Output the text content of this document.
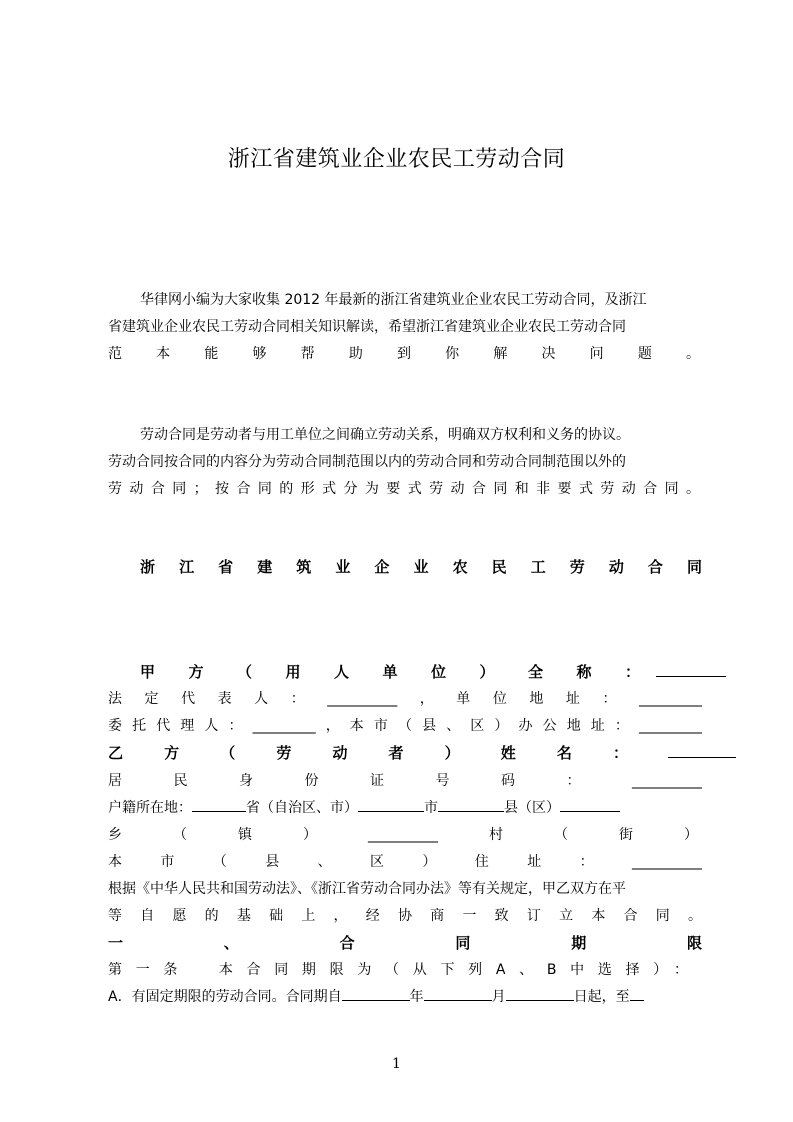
浙江省建筑业企业农民工劳动合同
华律网小编为大家收集 2012 年最新的浙江省建筑业企业农民工劳动合同，及浙江
省建筑业企业农民工劳动合同相关知识解读，希望浙江省建筑业企业农民工劳动合同
范本能够帮助到你解决问题。
劳动合同是劳动者与用工单位之间确立劳动关系，明确双方权利和义务的协议。
劳动合同按合同的内容分为劳动合同制范围以内的劳动合同和劳动合同制范围以外的
劳动合同；按合同的形式分为要式劳动合同和非要式劳动合同。
浙江省建筑业企业农民工劳动合同
甲方（用人单位）全称：
法定代表人：__________，单位地址：_________
委托代理人：_________，本市（县、区）办公地址：_________
乙方（劳动者）姓名：
居民身份证号码：__________
户籍所在地：	省（自治区、市）	市	县（区）
乡（镇）__________村（街）
本市（县、区）住址：__________
根据《中华人民共和国劳动法》、《浙江省劳动合同办法》等有关规定，甲乙双方在平
等自愿的基础上，经协商一致订立本合同。
一、合同期限
第一条　本合同期限为（从下列A、B中选择）：
A．有固定期限的劳动合同。合同期自	年	月	日起，至
1
